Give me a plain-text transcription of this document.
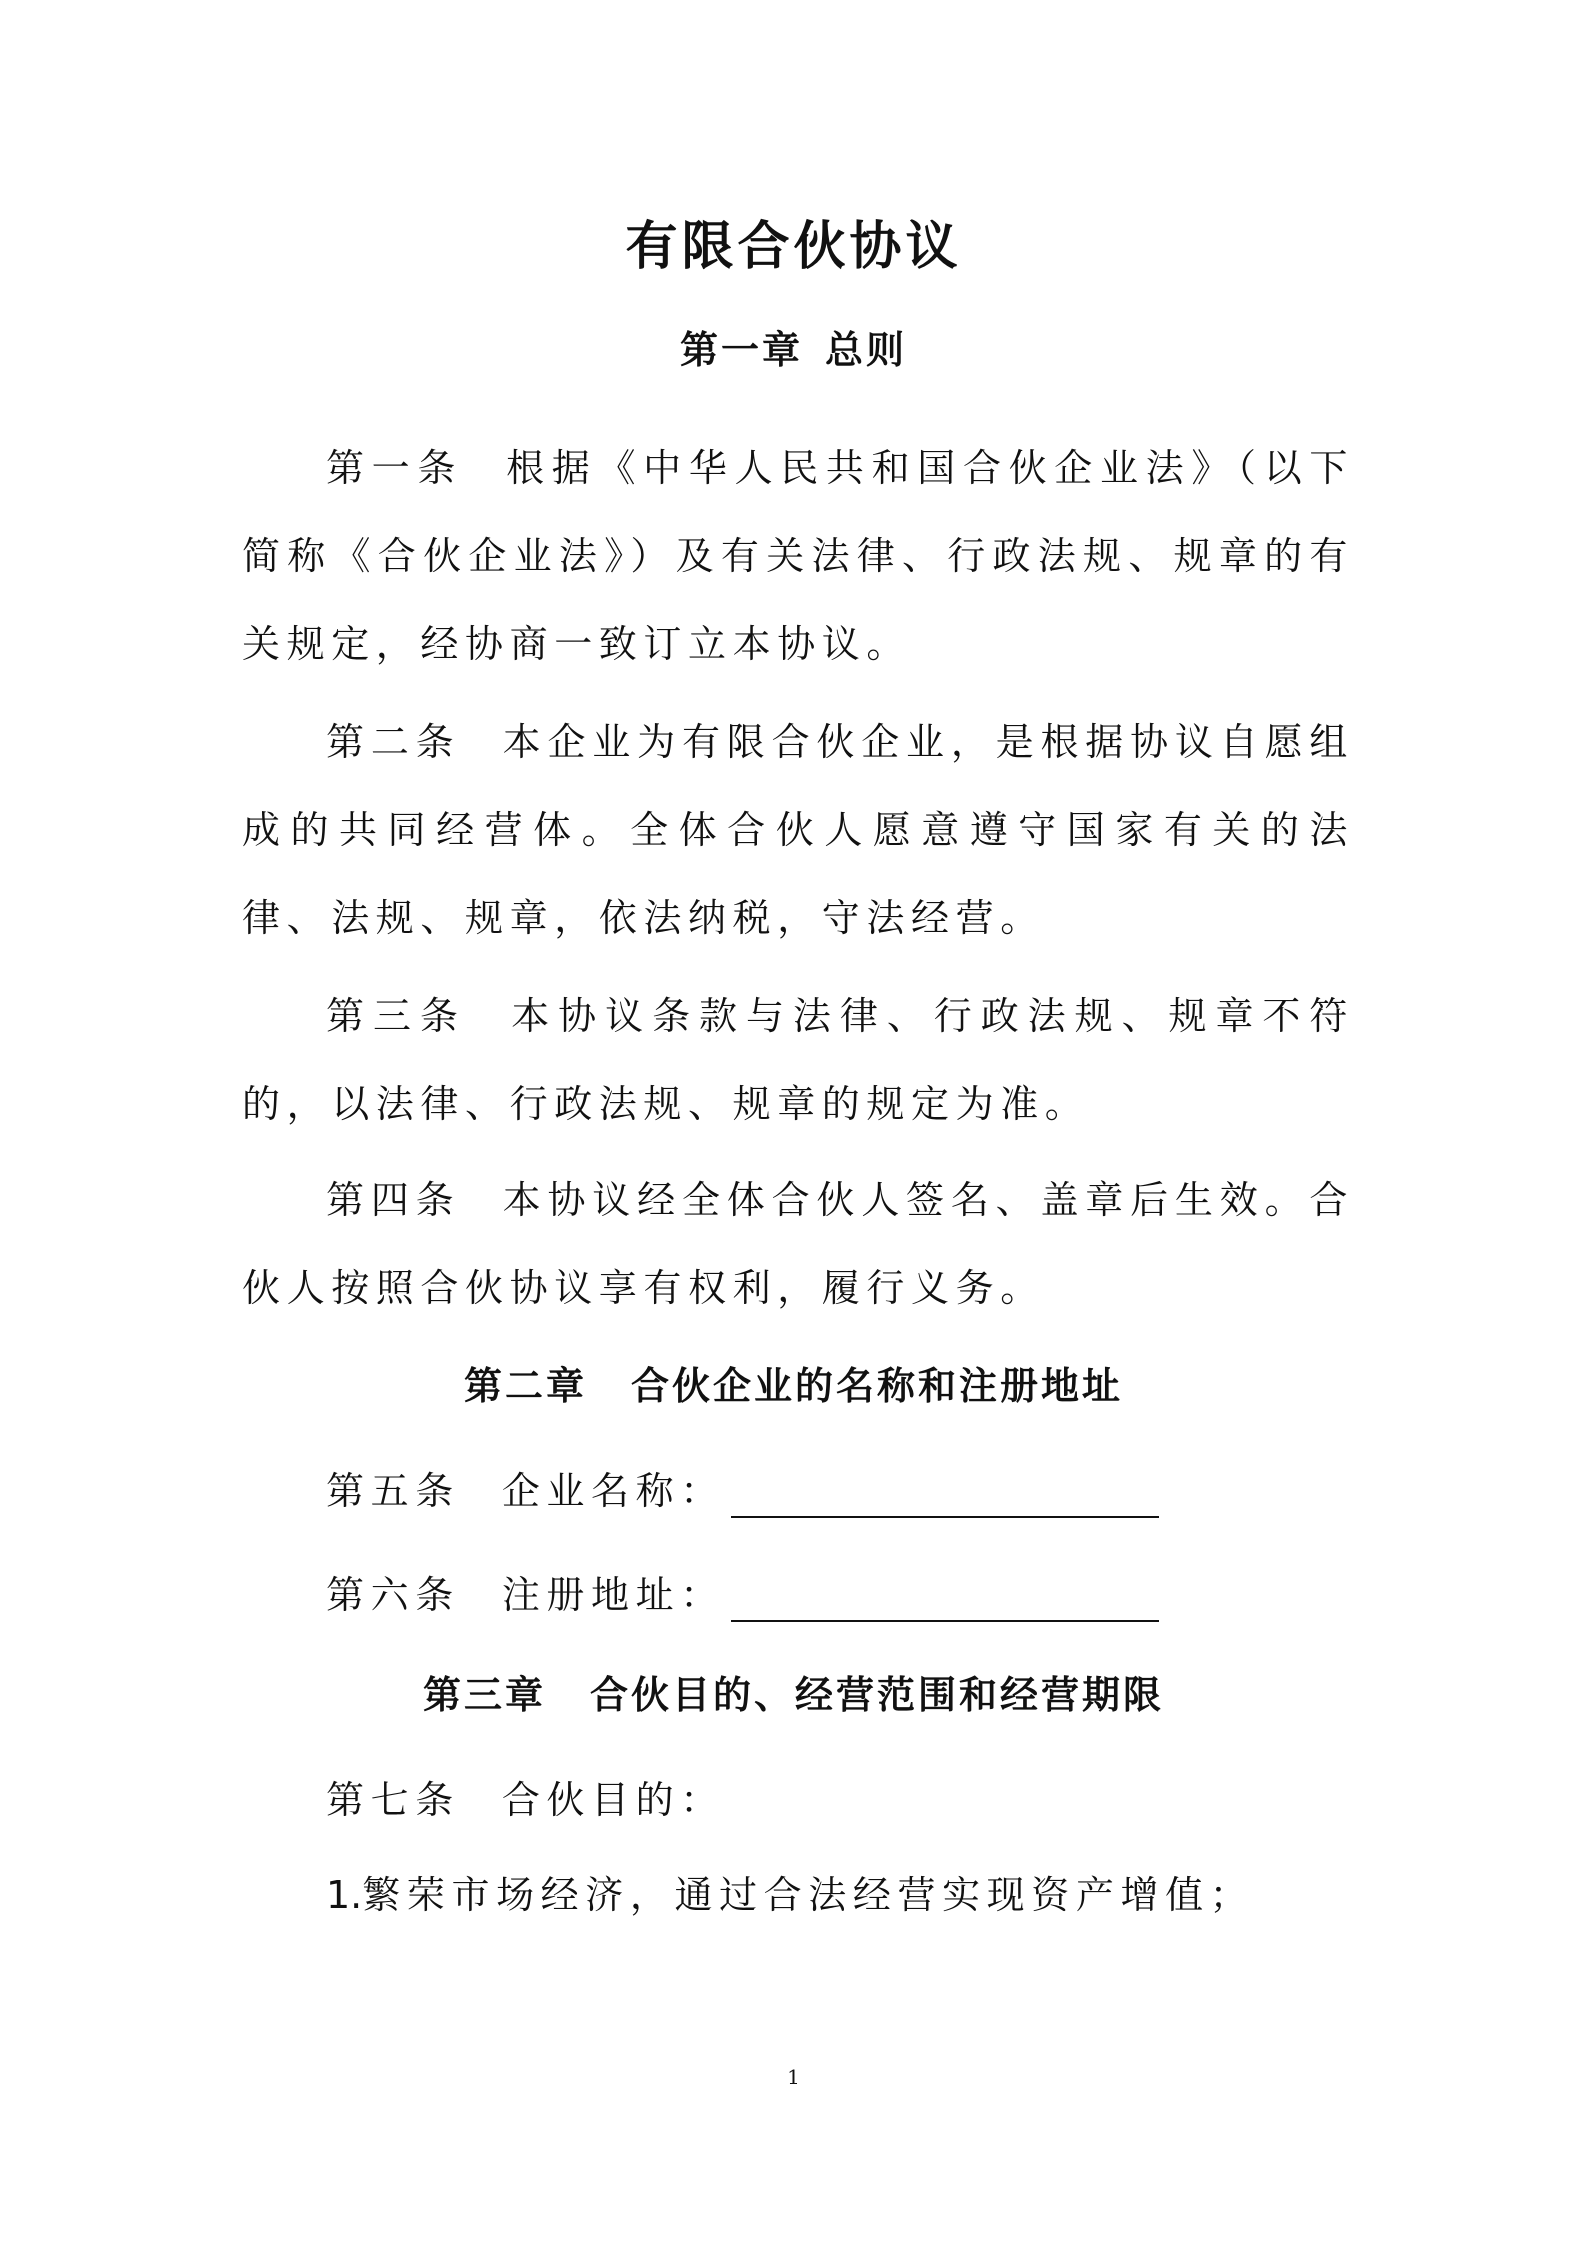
有限合伙协议
第一章 总则

第一条 根据《中华人民共和国合伙企业法》（以下简称《合伙企业法》）及有关法律、行政法规、规章的有关规定，经协商一致订立本协议。

第二条 本企业为有限合伙企业，是根据协议自愿组成的共同经营体。全体合伙人愿意遵守国家有关的法律、法规、规章，依法纳税，守法经营。

第三条 本协议条款与法律、行政法规、规章不符的，以法律、行政法规、规章的规定为准。

第四条 本协议经全体合伙人签名、盖章后生效。合伙人按照合伙协议享有权利，履行义务。

第二章 合伙企业的名称和注册地址

第五条 企业名称：

第六条 注册地址：

第三章 合伙目的、经营范围和经营期限

第七条 合伙目的：

1.繁荣市场经济，通过合法经营实现资产增值；

1
